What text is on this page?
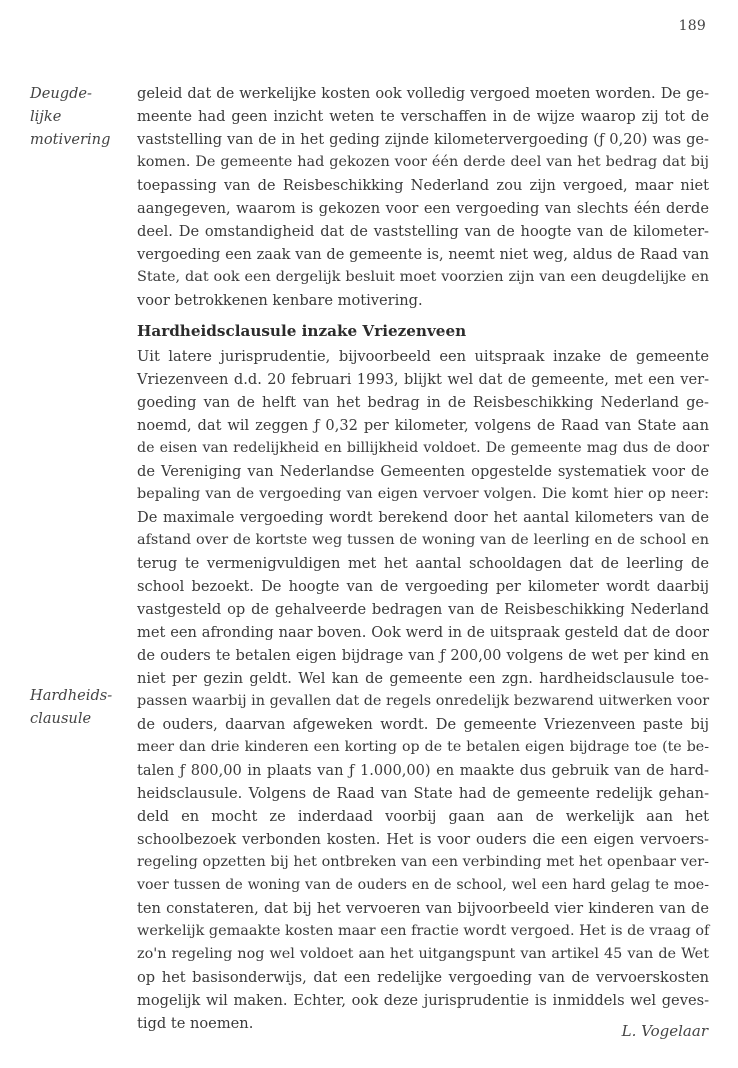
189
Deugde-
lijke
motivering
Hardheids-
clausule
geleid dat de werkelijke kosten ook volledig vergoed moeten worden. De ge-
meente had geen inzicht weten te verschaffen in de wijze waarop zij tot de
vaststelling van de in het geding zijnde kilometervergoeding (ƒ 0,20) was ge-
komen. De gemeente had gekozen voor één derde deel van het bedrag dat bij
toepassing van de Reisbeschikking Nederland zou zijn vergoed, maar niet
aangegeven, waarom is gekozen voor een vergoeding van slechts één derde
deel. De omstandigheid dat de vaststelling van de hoogte van de kilometer-
vergoeding een zaak van de gemeente is, neemt niet weg, aldus de Raad van
State, dat ook een dergelijk besluit moet voorzien zijn van een deugdelijke en
voor betrokkenen kenbare motivering.
Hardheidsclausule inzake Vriezenveen
Uit latere jurisprudentie, bijvoorbeeld een uitspraak inzake de gemeente
Vriezenveen d.d. 20 februari 1993, blijkt wel dat de gemeente, met een ver-
goeding van de helft van het bedrag in de Reisbeschikking Nederland ge-
noemd, dat wil zeggen ƒ 0,32 per kilometer, volgens de Raad van State aan
de eisen van redelijkheid en billijkheid voldoet. De gemeente mag dus de door
de Vereniging van Nederlandse Gemeenten opgestelde systematiek voor de
bepaling van de vergoeding van eigen vervoer volgen. Die komt hier op neer:
De maximale vergoeding wordt berekend door het aantal kilometers van de
afstand over de kortste weg tussen de woning van de leerling en de school en
terug te vermenigvuldigen met het aantal schooldagen dat de leerling de
school bezoekt. De hoogte van de vergoeding per kilometer wordt daarbij
vastgesteld op de gehalveerde bedragen van de Reisbeschikking Nederland
met een afronding naar boven. Ook werd in de uitspraak gesteld dat de door
de ouders te betalen eigen bijdrage van ƒ 200,00 volgens de wet per kind en
niet per gezin geldt. Wel kan de gemeente een zgn. hardheidsclausule toe-
passen waarbij in gevallen dat de regels onredelijk bezwarend uitwerken voor
de ouders, daarvan afgeweken wordt. De gemeente Vriezenveen paste bij
meer dan drie kinderen een korting op de te betalen eigen bijdrage toe (te be-
talen ƒ 800,00 in plaats van ƒ 1.000,00) en maakte dus gebruik van de hard-
heidsclausule. Volgens de Raad van State had de gemeente redelijk gehan-
deld en mocht ze inderdaad voorbij gaan aan de werkelijk aan het
schoolbezoek verbonden kosten. Het is voor ouders die een eigen vervoers-
regeling opzetten bij het ontbreken van een verbinding met het openbaar ver-
voer tussen de woning van de ouders en de school, wel een hard gelag te moe-
ten constateren, dat bij het vervoeren van bijvoorbeeld vier kinderen van de
werkelijk gemaakte kosten maar een fractie wordt vergoed. Het is de vraag of
zo'n regeling nog wel voldoet aan het uitgangspunt van artikel 45 van de Wet
op het basisonderwijs, dat een redelijke vergoeding van de vervoerskosten
mogelijk wil maken. Echter, ook deze jurisprudentie is inmiddels wel geves-
tigd te noemen.	L. Vogelaar
